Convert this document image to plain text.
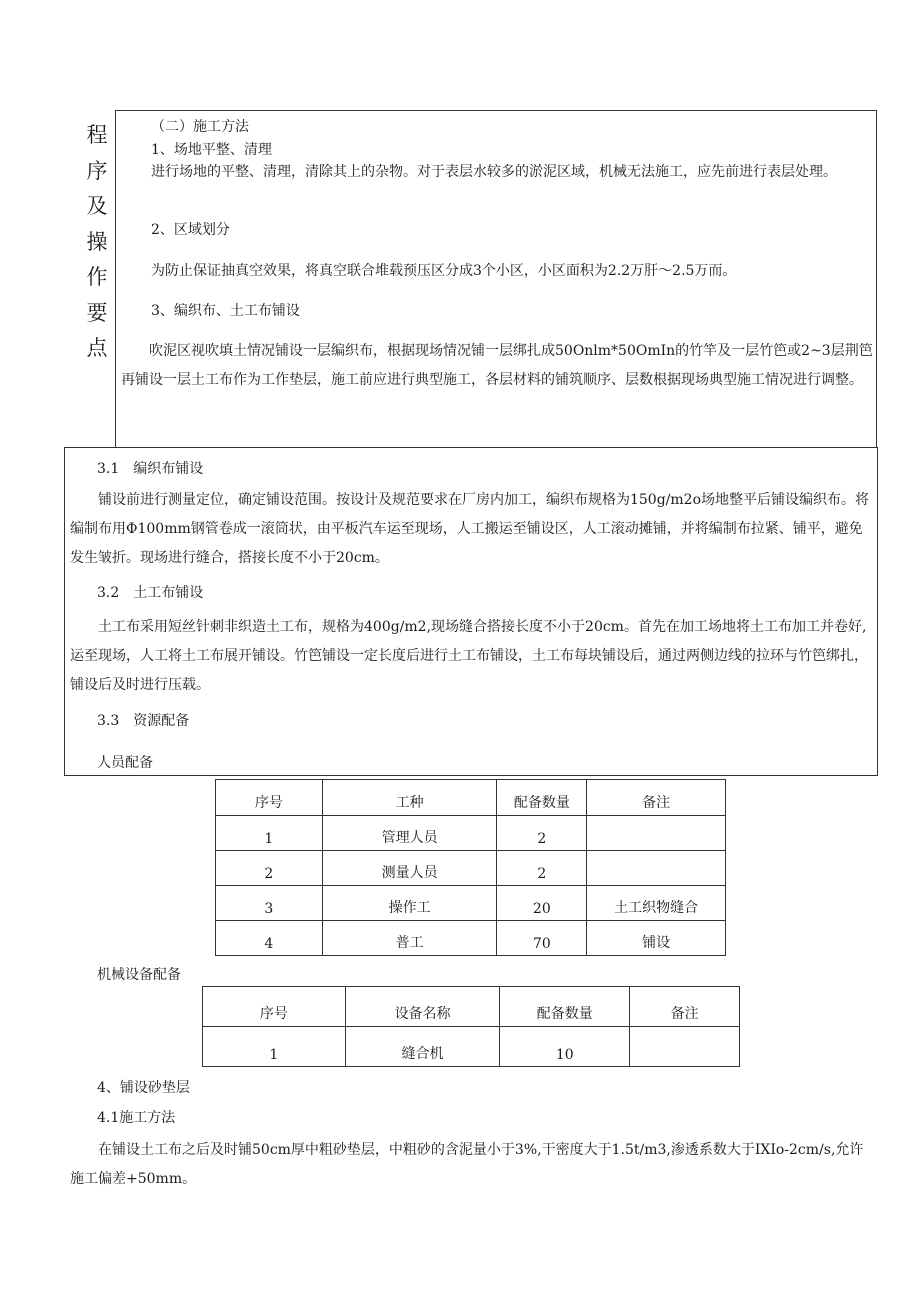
程
序
及
操
作
要
点

（二）施工方法

1、场地平整、清理

进行场地的平整、清理，清除其上的杂物。对于表层水较多的淤泥区域，机械无法施工，应先前进行表层处理。

2、区域划分

为防止保证抽真空效果，将真空联合堆载预压区分成3个小区，小区面积为2.2万肝～2.5万而。

3、编织布、土工布铺设

吹泥区视吹填土情况铺设一层编织布，根据现场情况铺一层绑扎成50Onlm*50OmIn的竹竿及一层竹笆或2~3层荆笆再铺设一层土工布作为工作垫层，施工前应进行典型施工，各层材料的铺筑顺序、层数根据现场典型施工情况进行调整。

3.1　编织布铺设

铺设前进行测量定位，确定铺设范围。按设计及规范要求在厂房内加工，编织布规格为150g∕m2o场地整平后铺设编织布。将编制布用Φ100mm钢管卷成一滚筒状，由平板汽车运至现场，人工搬运至铺设区，人工滚动摊铺，并将编制布拉紧、铺平，避免发生皱折。现场进行缝合，搭接长度不小于20cm。

3.2　土工布铺设

土工布采用短丝针刺非织造土工布，规格为400g∕m2,现场缝合搭接长度不小于20cm。首先在加工场地将土工布加工并卷好,运至现场，人工将土工布展开铺设。竹笆铺设一定长度后进行土工布铺设，土工布每块铺设后，通过两侧边线的拉环与竹笆绑扎，铺设后及时进行压载。

3.3　资源配备

人员配备

序号	工种	配备数量	备注
1	管理人员	2	
2	测量人员	2	
3	操作工	20	土工织物缝合
4	普工	70	铺设

机械设备配备

序号	设备名称	配备数量	备注
1	缝合机	10	

4、铺设砂垫层

4.1施工方法

在铺设土工布之后及时铺50cm厚中粗砂垫层，中粗砂的含泥量小于3%,干密度大于1.5t∕m3,渗透系数大于IXIo-2cm∕s,允许施工偏差+50mm。
